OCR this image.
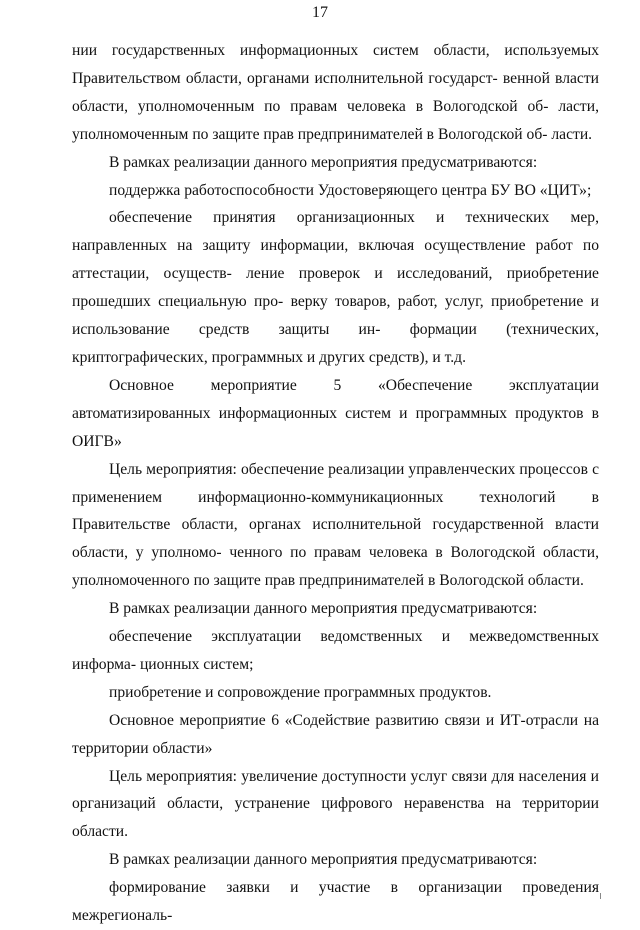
17

нии государственных информационных систем области, используемых Правительством области, органами исполнительной государст- венной власти области, уполномоченным по правам человека в Вологодской об- ласти, уполномоченным по защите прав предпринимателей в Вологодской об- ласти.

В рамках реализации данного мероприятия предусматриваются:

поддержка работоспособности Удостоверяющего центра БУ ВО «ЦИТ»;

обеспечение принятия организационных и технических мер, направленных на защиту информации, включая осуществление работ по аттестации, осуществ- ление проверок и исследований, приобретение прошедших специальную про- верку товаров, работ, услуг, приобретение и использование средств защиты ин- формации (технических, криптографических, программных и других средств), и т.д.

Основное мероприятие 5 «Обеспечение эксплуатации автоматизированных информационных систем и программных продуктов в ОИГВ»

Цель мероприятия: обеспечение реализации управленческих процессов с применением информационно-коммуникационных технологий в Правительстве области, органах исполнительной государственной власти области, у уполномо- ченного по правам человека в Вологодской области, уполномоченного по защите прав предпринимателей в Вологодской области.

В рамках реализации данного мероприятия предусматриваются:

обеспечение эксплуатации ведомственных и межведомственных информа- ционных систем;

приобретение и сопровождение программных продуктов.

Основное мероприятие 6 «Содействие развитию связи и ИТ-отрасли на территории области»

Цель мероприятия: увеличение доступности услуг связи для населения и организаций области, устранение цифрового неравенства на территории области.

В рамках реализации данного мероприятия предусматриваются:

формирование заявки и участие в организации проведения межрегиональ-
